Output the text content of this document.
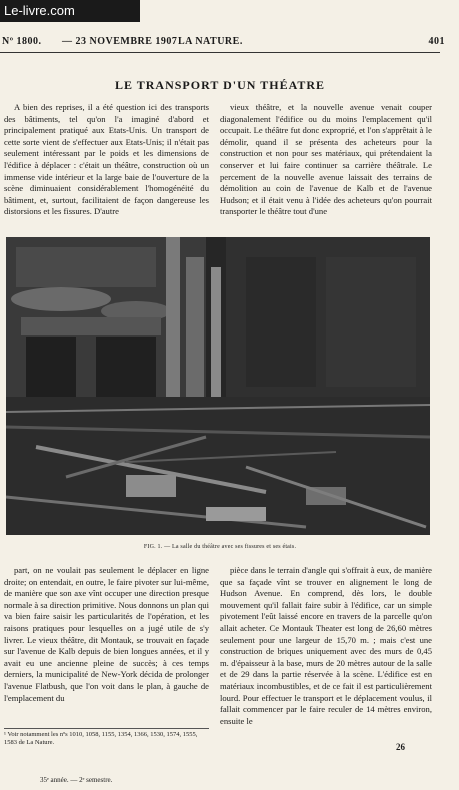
Le-livre.com
Nº 1800. — 23 NOVEMBRE 1907 LA NATURE.	401
LE TRANSPORT D'UN THÉATRE

A bien des reprises, il a été question ici des transports des bâtiments, tel qu'on l'a imaginé d'abord et principalement pratiqué aux Etats-Unis. Un transport de cette sorte vient de s'effectuer aux Etats-Unis; il n'était pas seulement intéressant par le poids et les dimensions de l'édifice à déplacer : c'était un théâtre, construction où un immense vide intérieur et la large baie de l'ouverture de la scène diminuaient considérablement l'homogénéité du bâtiment, et, surtout, facilitaient de façon dangereuse les distorsions et les fissures. D'autre

vieux théâtre, et la nouvelle avenue venait couper diagonalement l'édifice ou du moins l'emplacement qu'il occupait. Le théâtre fut donc exproprié, et l'on s'apprêtait à le démolir, quand il se présenta des acheteurs pour la construction et non pour ses matériaux, qui prétendaient la conserver et lui faire continuer sa carrière théâtrale. Le percement de la nouvelle avenue laissait des terrains de démolition au coin de l'avenue de Kalb et de l'avenue Hudson; et il était venu à l'idée des acheteurs qu'on pourrait transporter le théâtre tout d'une

FIG. 1. — La salle du théâtre avec ses fissures et ses étais.

part, on ne voulait pas seulement le déplacer en ligne droite; on entendait, en outre, le faire pivoter sur lui-même, de manière que son axe vînt occuper une direction presque normale à sa direction primitive. Nous donnons un plan qui va bien faire saisir les particularités de l'opération, et les raisons pratiques pour lesquelles on a jugé utile de s'y livrer. Le vieux théâtre, dit Montauk, se trouvait en façade sur l'avenue de Kalb depuis de bien longues années, et il y avait eu une ancienne pleine de succès; à ces temps derniers, la municipalité de New-York décida de prolonger l'avenue Flatbush, que l'on voit dans le plan, à gauche de l'emplacement du

pièce dans le terrain d'angle qui s'offrait à eux, de manière que sa façade vînt se trouver en alignement le long de Hudson Avenue. En comprend, dès lors, le double mouvement qu'il fallait faire subir à l'édifice, car un simple pivotement l'eût laissé encore en travers de la parcelle qu'on allait acheter. Ce Montauk Theater est long de 26,60 mètres seulement pour une largeur de 15,70 m. ; mais c'est une construction de briques uniquement avec des murs de 0,45 m. d'épaisseur à la base, murs de 20 mètres autour de la salle et de 29 dans la partie réservée à la scène. L'édifice est en matériaux incombustibles, et de ce fait il est particulièrement lourd. Pour effectuer le transport et le déplacement voulus, il fallait commencer par le faire reculer de 14 mètres environ, ensuite le

¹ Voir notamment les nºs 1010, 1058, 1155, 1354, 1366, 1530, 1574, 1555, 1583 de La Nature.
35ᵉ année. — 2ᵉ semestre.
26
